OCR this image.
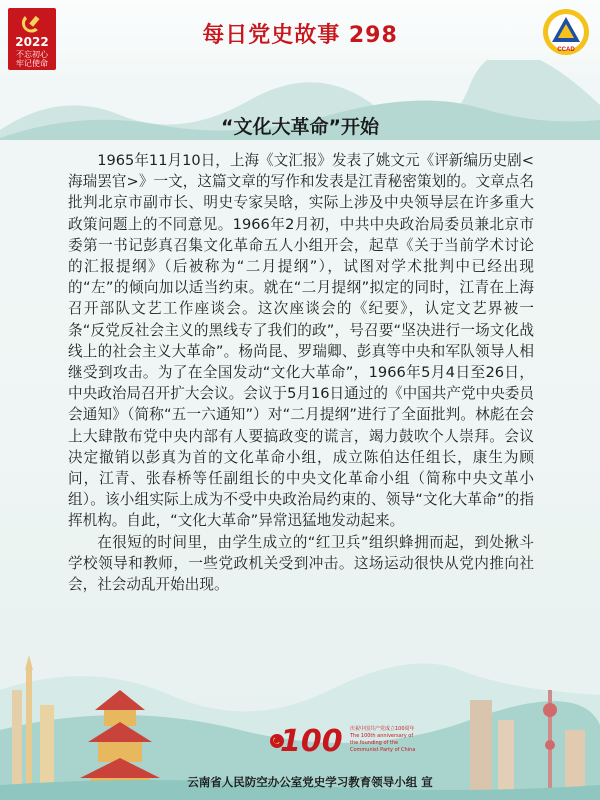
2022
不忘初心
牢记使命
每日党史故事 298
CCAD
“文化大革命”开始

1965年11月10日，上海《文汇报》发表了姚文元《评新编历史剧<海瑞罢官>》一文，这篇文章的写作和发表是江青秘密策划的。文章点名批判北京市副市长、明史专家吴晗，实际上涉及中央领导层在许多重大政策问题上的不同意见。1966年2月初，中共中央政治局委员兼北京市委第一书记彭真召集文化革命五人小组开会，起草《关于当前学术讨论的汇报提纲》（后被称为“二月提纲”），试图对学术批判中已经出现的“左”的倾向加以适当约束。就在“二月提纲”拟定的同时，江青在上海召开部队文艺工作座谈会。这次座谈会的《纪要》，认定文艺界被一条“反党反社会主义的黑线专了我们的政”，号召要“坚决进行一场文化战线上的社会主义大革命”。杨尚昆、罗瑞卿、彭真等中央和军队领导人相继受到攻击。为了在全国发动“文化大革命”，1966年5月4日至26日，中央政治局召开扩大会议。会议于5月16日通过的《中国共产党中央委员会通知》（简称“五一六通知”）对“二月提纲”进行了全面批判。林彪在会上大肆散布党中央内部有人要搞政变的谎言，竭力鼓吹个人崇拜。会议决定撤销以彭真为首的文化革命小组，成立陈伯达任组长，康生为顾问，江青、张春桥等任副组长的中央文化革命小组（简称中央文革小组）。该小组实际上成为不受中央政治局约束的、领导“文化大革命”的指挥机构。自此，“文化大革命”异常迅猛地发动起来。

在很短的时间里，由学生成立的“红卫兵”组织蜂拥而起，到处揪斗学校领导和教师，一些党政机关受到冲击。这场运动很快从党内推向社会，社会动乱开始出现。

100 庆祝中国共产党成立100周年 The 100th anniversary of the founding of the Communist Party of China
云南省人民防空办公室党史学习教育领导小组 宣
